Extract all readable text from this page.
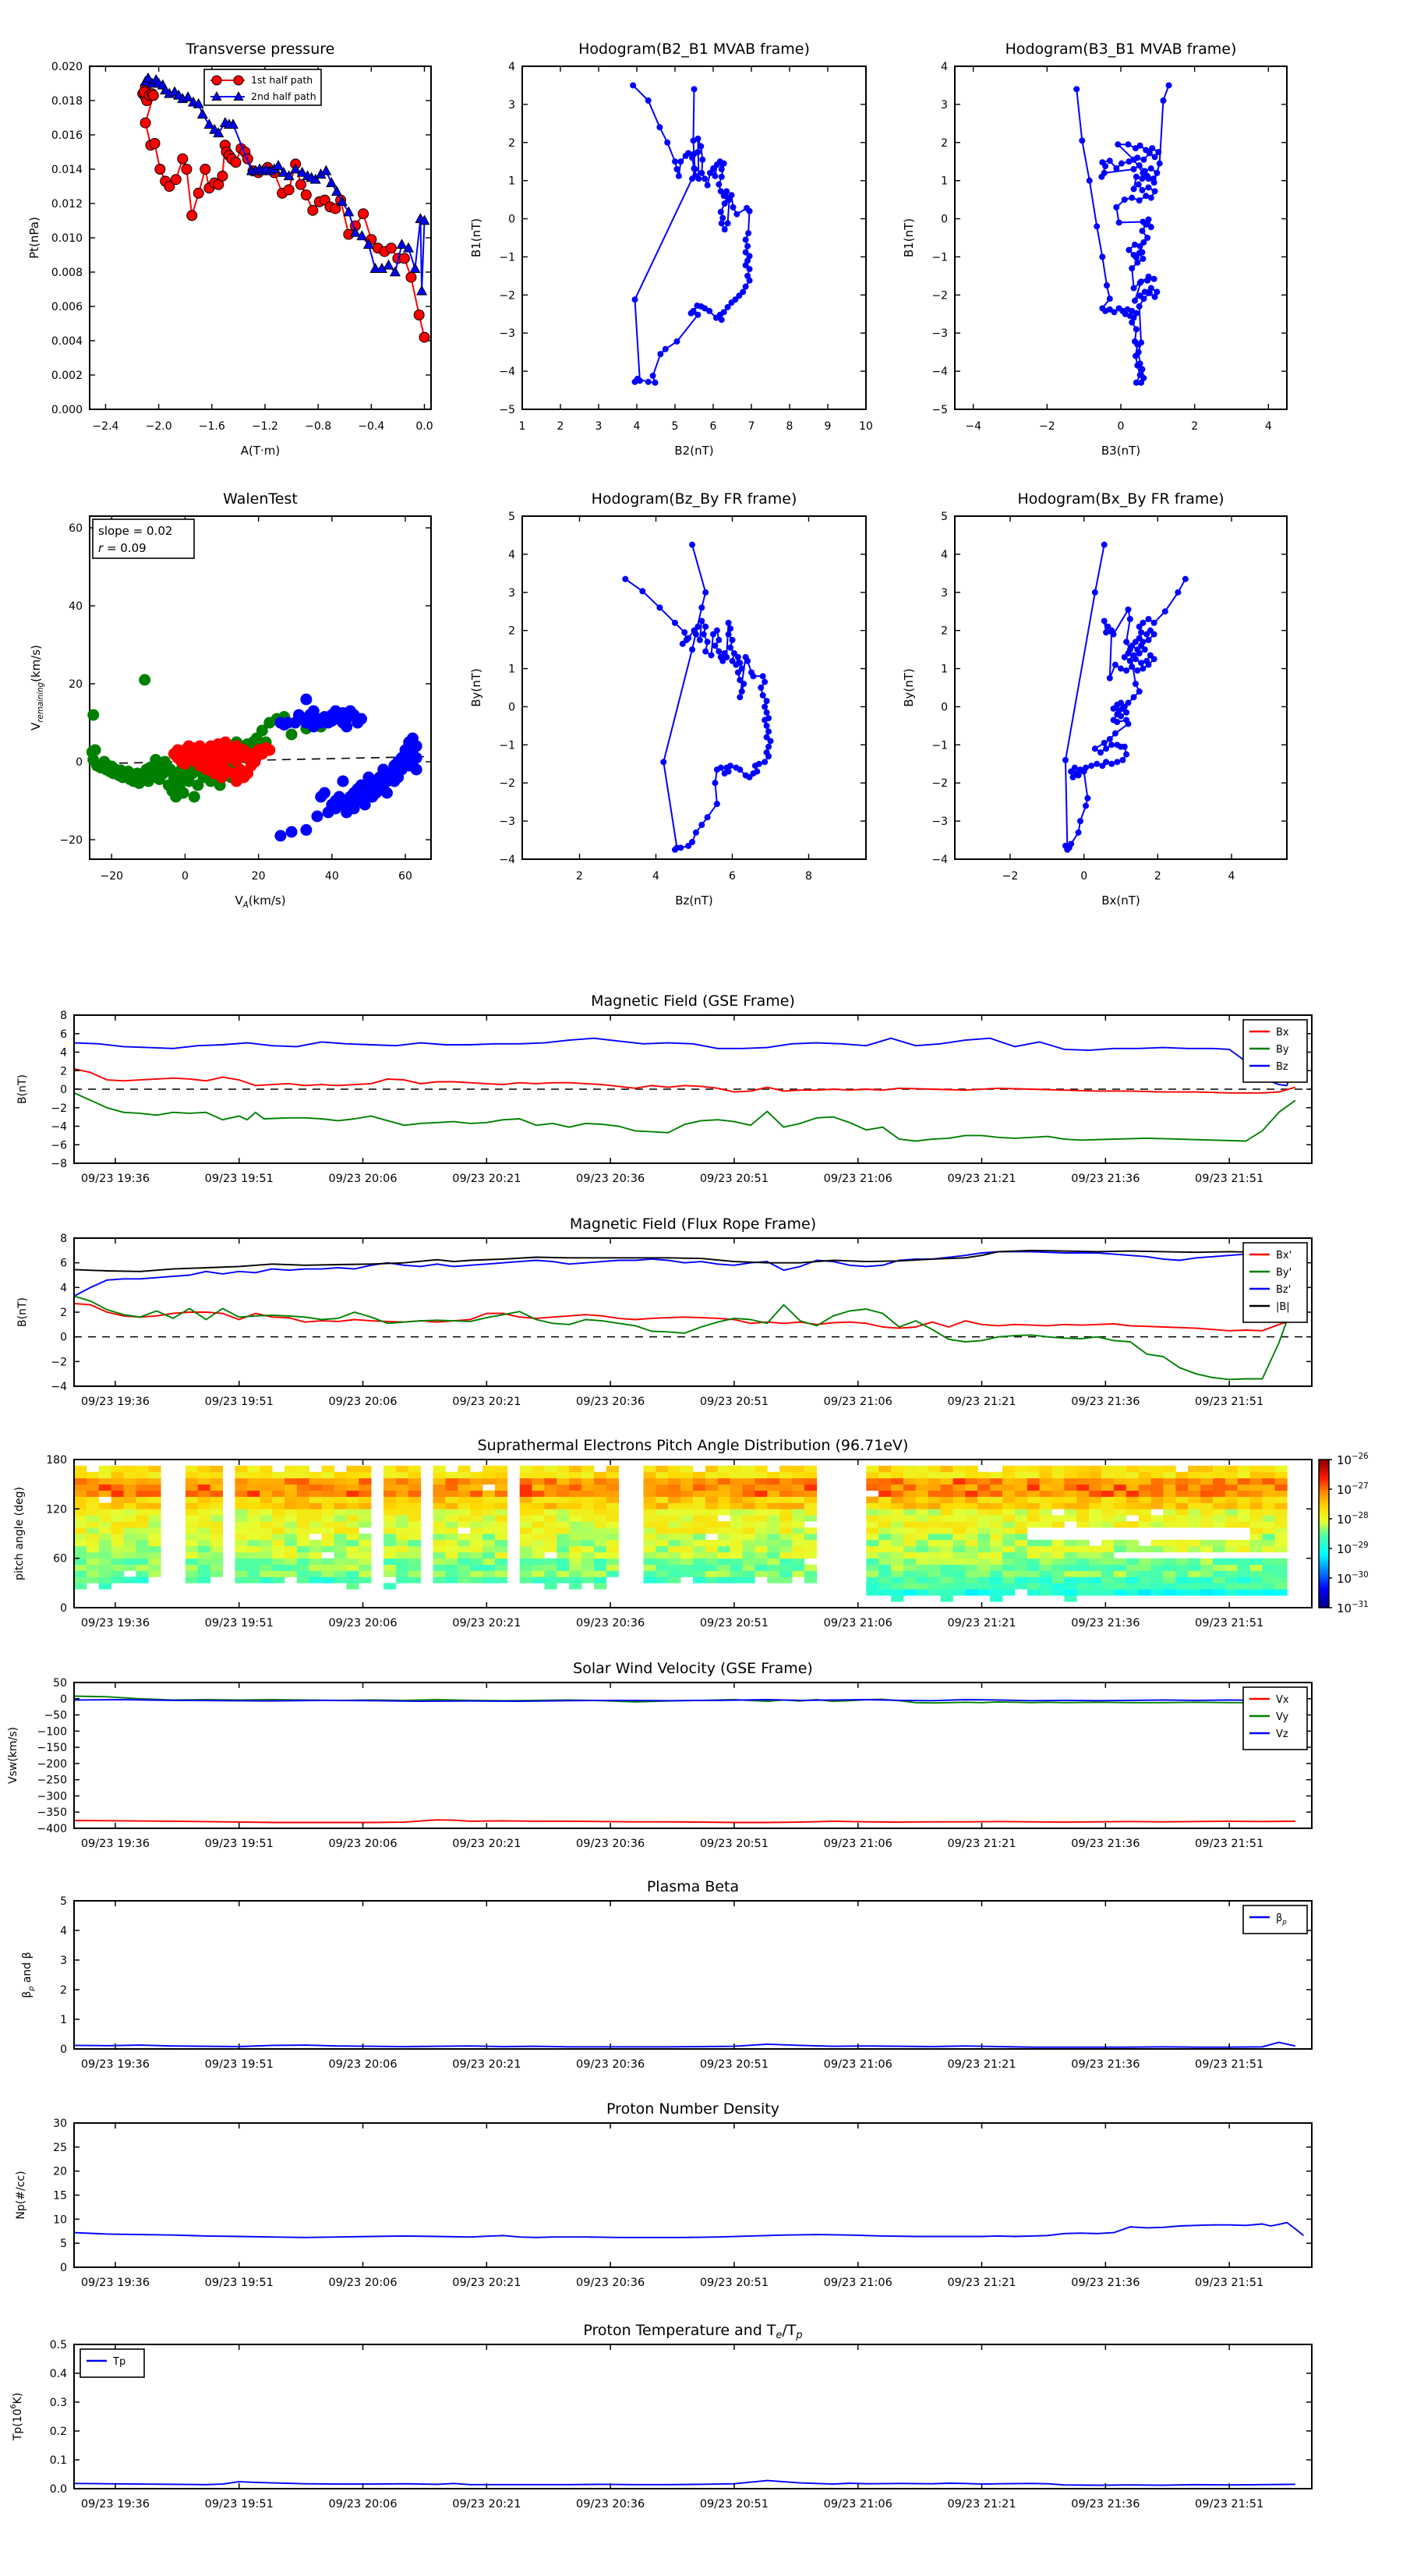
Transverse pressure
−2.4 −2.0 −1.6 −1.2 −0.8 −0.4	0.0
0.000
0.002
0.004
0.006
0.008
0.010
0.012
0.014
0.016
0.018
0.020
A(T·m)
Pt(nPa)
1st half path
2nd half path
Hodogram(B2_B1 MVAB frame)
1	2	3	4	5	6	7	8	9	10
−5
−4
−3
−2
−1
0
1
2
3
4
B2(nT)
B1(nT)
Hodogram(B3_B1 MVAB frame)
−4	−2	0	2	4
−5
−4
−3
−2
−1
0
1
2
3
4
B3(nT)
B1(nT)
WalenTest
−20	0	20	40	60
−20
0
20
40
60
$V_A(km/s)$
$V_{remaining}(km/s)$
slope = 0.02
r = 0.09
Hodogram(Bz_By FR frame)
2	4	6	8
−4
−3
−2
−1
0
1
2
3
4
5
Bz(nT)
By(nT)
Hodogram(Bx_By FR frame)
−2	0	2	4
−4
−3
−2
−1
0
1
2
3
4
5
Bx(nT)
By(nT)
Magnetic Field (GSE Frame)
−8
−6
−4
−2
0
2
4
6
8
09/23 19:36	09/23 19:51	09/23 20:06	09/23 20:21	09/23 20:36	09/23 20:51	09/23 21:06	09/23 21:21	09/23 21:36	09/23 21:51
B(nT)
Bx
By
Bz
Magnetic Field (Flux Rope Frame)
−4
−2
0
2
4
6
8
09/23 19:36	09/23 19:51	09/23 20:06	09/23 20:21	09/23 20:36	09/23 20:51	09/23 21:06	09/23 21:21	09/23 21:36	09/23 21:51
B(nT)
Bx'
By'
Bz'
|B|
Suprathermal Electrons Pitch Angle Distribution (96.71eV)
0
60
120
180
09/23 19:36	09/23 19:51	09/23 20:06	09/23 20:21	09/23 20:36	09/23 20:51	09/23 21:06	09/23 21:21	09/23 21:36	09/23 21:51
pitch angle (deg)
$10^{-26}$
$10^{-27}$
$10^{-28}$
$10^{-29}$
$10^{-30}$
$10^{-31}$
Solar Wind Velocity (GSE Frame)
−400
−350
−300
−250
−200
−150
−100
−50
0
50
09/23 19:36	09/23 19:51	09/23 20:06	09/23 20:21	09/23 20:36	09/23 20:51	09/23 21:06	09/23 21:21	09/23 21:36	09/23 21:51
Vsw(km/s)
Vx
Vy
Vz
Plasma Beta
0
1
2
3
4
5
09/23 19:36	09/23 19:51	09/23 20:06	09/23 20:21	09/23 20:36	09/23 20:51	09/23 21:06	09/23 21:21	09/23 21:36	09/23 21:51
$\beta_p$ and β
$\beta_p$
Proton Number Density
0
5
10
15
20
25
30
09/23 19:36	09/23 19:51	09/23 20:06	09/23 20:21	09/23 20:36	09/23 20:51	09/23 21:06	09/23 21:21	09/23 21:36	09/23 21:51
Np(#/cc)
Proton Temperature and $T_e/T_p$
0.0
0.1
0.2
0.3
0.4
0.5
09/23 19:36	09/23 19:51	09/23 20:06	09/23 20:21	09/23 20:36	09/23 20:51	09/23 21:06	09/23 21:21	09/23 21:36	09/23 21:51
$Tp(10^6K)$
Tp
